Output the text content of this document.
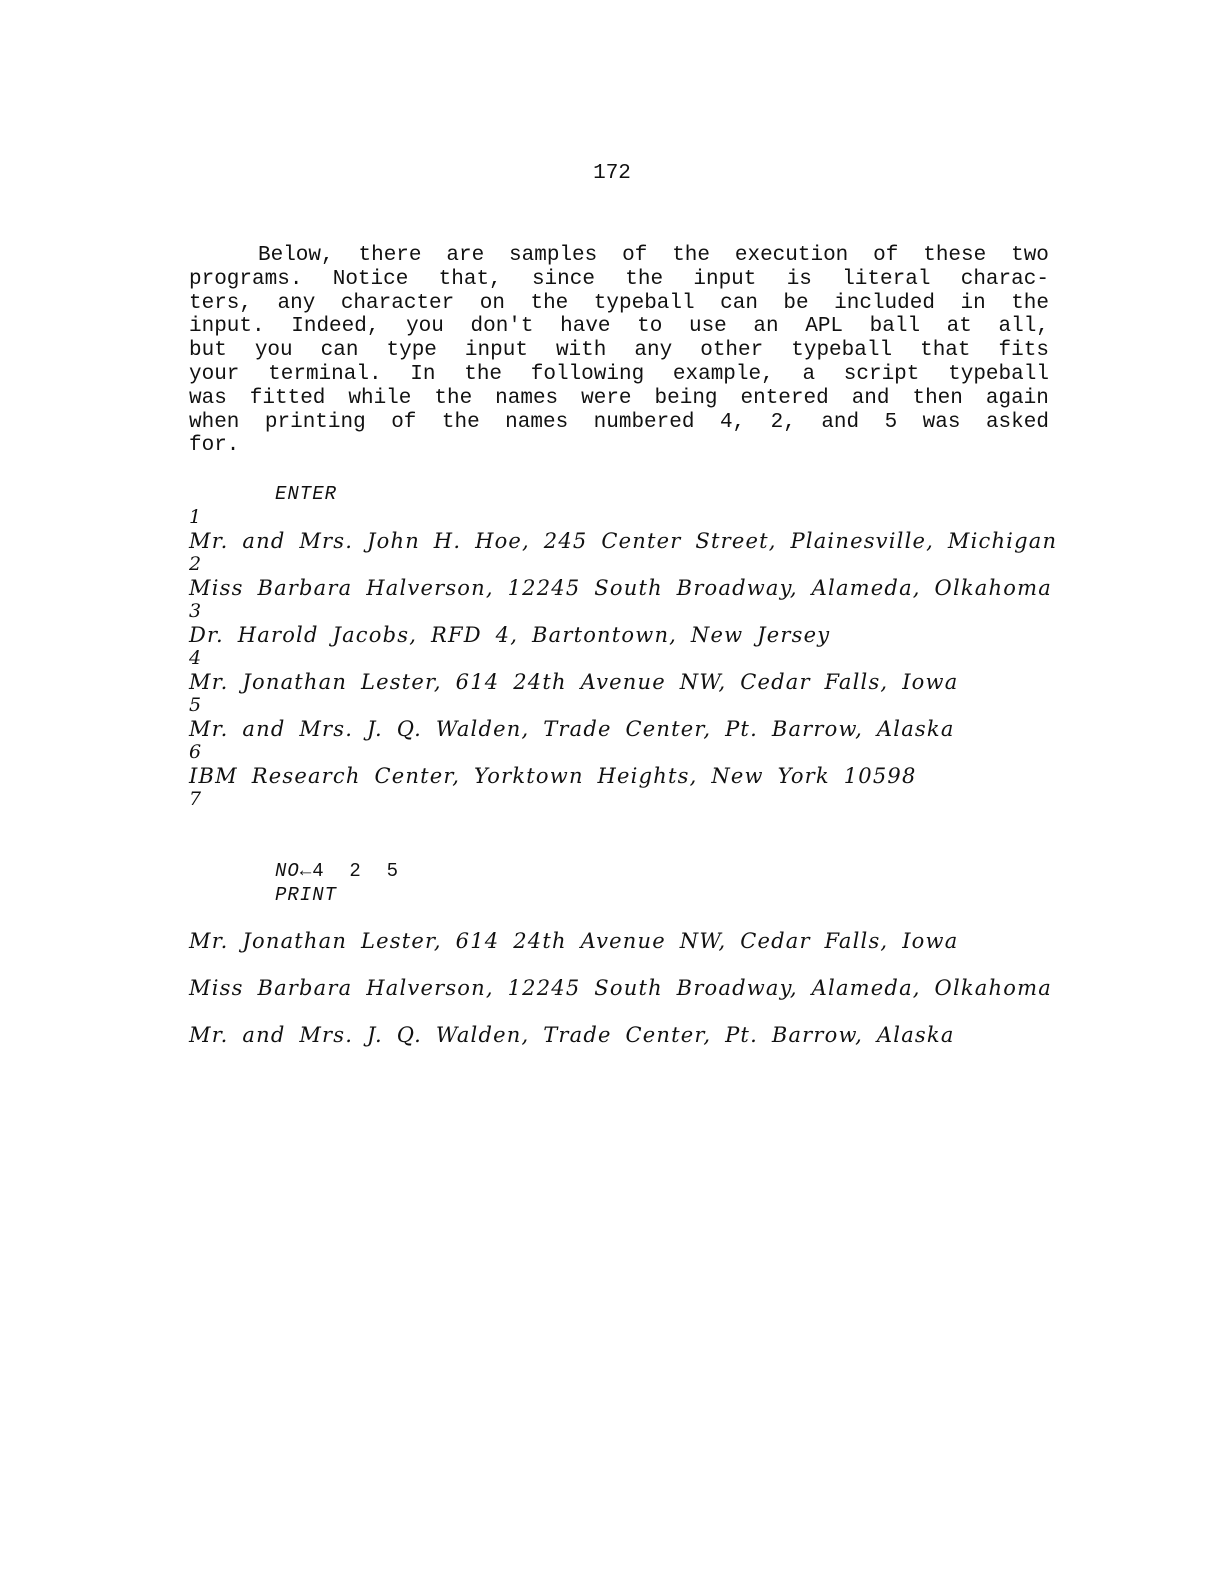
172
Below, there are samples of the execution of these two
programs. Notice that, since the input is literal charac-
ters, any character on the typeball can be included in the
input. Indeed, you don't have to use an APL ball at all,
but you can type input with any other typeball that fits
your terminal. In the following example, a script typeball
was fitted while the names were being entered and then again
when printing of the names numbered 4, 2, and 5 was asked
for.
ENTER
1
Mr. and Mrs. John H. Hoe, 245 Center Street, Plainesville, Michigan
2
Miss Barbara Halverson, 12245 South Broadway, Alameda, Olkahoma
3
Dr. Harold Jacobs, RFD 4, Bartontown, New Jersey
4
Mr. Jonathan Lester, 614 24th Avenue NW, Cedar Falls, Iowa
5
Mr. and Mrs. J. Q. Walden, Trade Center, Pt. Barrow, Alaska
6
IBM Research Center, Yorktown Heights, New York 10598
7
NO←4  2  5
PRINT
Mr. Jonathan Lester, 614 24th Avenue NW, Cedar Falls, Iowa
Miss Barbara Halverson, 12245 South Broadway, Alameda, Olkahoma
Mr. and Mrs. J. Q. Walden, Trade Center, Pt. Barrow, Alaska
